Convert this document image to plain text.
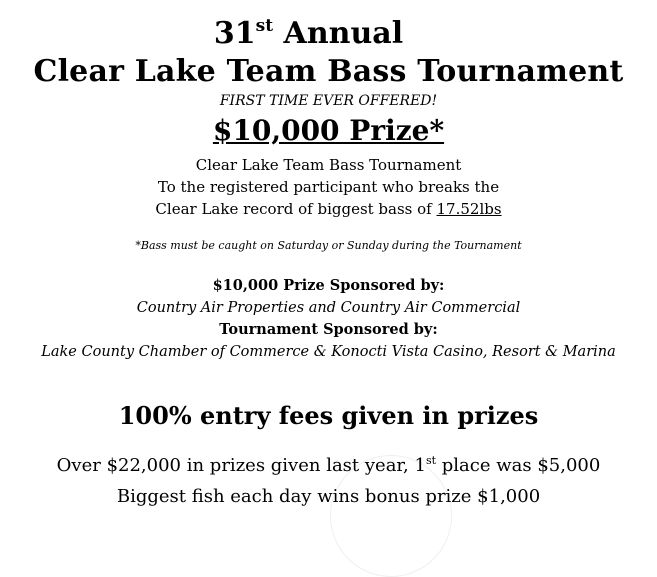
31st Annual

Clear Lake Team Bass Tournament

FIRST TIME EVER OFFERED!

$10,000 Prize*

Clear Lake Team Bass Tournament

To the registered participant who breaks the

Clear Lake record of biggest bass of 17.52lbs

*Bass must be caught on Saturday or Sunday during the Tournament

$10,000 Prize Sponsored by:

Country Air Properties and Country Air Commercial

Tournament Sponsored by:

Lake County Chamber of Commerce & Konocti Vista Casino, Resort & Marina

100% entry fees given in prizes

Over $22,000 in prizes given last year, 1st place was $5,000

Biggest fish each day wins bonus prize $1,000
